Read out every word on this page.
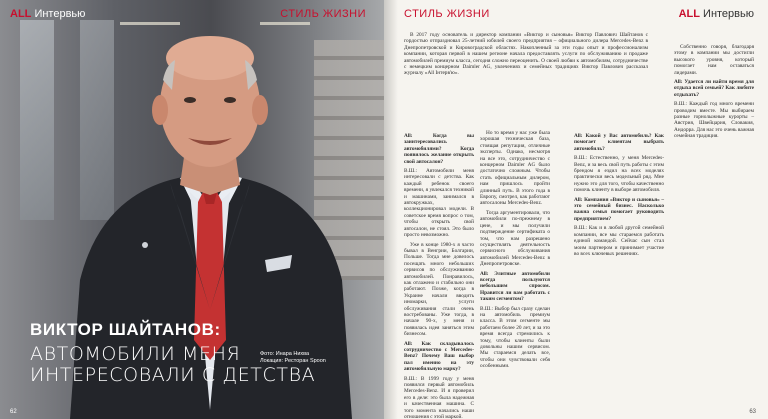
ALL Интервью	СТИЛЬ ЖИЗНИ
Фото: Инара Нихва
Локация: Ресторан Spoon
ВИКТОР ШАЙТАНОВ:
АВТОМОБИЛИ МЕНЯ ИНТЕРЕСОВАЛИ С ДЕТСТВА
62
СТИЛЬ ЖИЗНИ	ALL Интервью

В 2017 году основатель и директор компании «Виктор и сыновья» Виктор Павлович Шайтанов с гордостью отпраздновал 25-летний юбилей своего предприятия – официального дилера Mercedes-Benz в Днепропетровской и Кировоградской областях. Накопленный за эти годы опыт и профессионализм компании, которая первой в нашем регионе начала предоставлять услуги по обслуживанию и продаже автомобилей премиум класса, сегодня сложно переоценить. О своей любви к автомобилям, сотрудничестве с немецким концерном Daimler AG, увлечениях и семейных традициях Виктор Павлович рассказал журналу «All Інтерв'ю».

All: Когда вы заинтересовались автомобилями? Когда появилось желание открыть свой автосалон?

В.Ш.: Автомобили меня интересовали с детства. Как каждый ребенок своего времени, я увлекался техникой и машинами, занимался в автокружках, коллекционировал модели. В советское время вопрос о том, чтобы открыть свой автосалон, не стоял. Это было просто невозможно.

Уже в конце 1980-х я часто бывал в Венгрии, Болгарии, Польше. Тогда мне довелось посещать много небольших сервисов по обслуживанию автомобилей. Понравилось, как отлажено и стабильно они работают. Позже, когда в Украине начали вводить иномарки, услуги обслуживания стали очень востребованы. Уже тогда, в начале 90-х, у меня и появилась идея заняться этим бизнесом.

All: Как складывалось сотрудничество с Mercedes-Benz? Почему Ваш выбор пал именно на эту автомобильную марку?

В.Ш.: В 1999 году у меня появился первый автомобиль Mercedes-Benz. И я проверил его в деле: это была надежная и качественная машина. С того момента начались наши отношения с этой маркой.

Но то время у нас уже была хорошая техническая база, стоящая репутация, отличные эксперты. Однако, несмотря на все это, сотрудничество с концерном Daimler AG было достаточно сложным. Чтобы стать официальным дилером, нам пришлось пройти длинный путь. В этого года в Европу, смотрел, как работают автосалоны Mercedes-Benz.

Тогда аргументировали, что автомобили по-прежнему в цене, и мы получили подтверждение сертификата о том, что нам разрешено осуществлять деятельность сервисного обслуживания автомобилей Mercedes-Benz в Днепропетровске.

All: Элитные автомобили всегда пользуются небольшим спросом. Нравится ли вам работать с таким сегментом?

В.Ш.: Выбор был сразу сделан на автомобиль премиум класса. В этом сегменте мы работаем более 20 лет, и за это время всегда стремились к тому, чтобы клиенты были довольны нашим сервисом. Мы стараемся делать все, чтобы они чувствовали себя особенными.

All: Какой у Вас автомобиль? Как помогает клиентам выбрать автомобиль?

В.Ш.: Естественно, у меня Mercedes-Benz, и за весь свой путь работы с этим брендом я ездил на всех моделях практически весь модельный ряд. Мне нужно это для того, чтобы качественно помочь клиенту в выборе автомобиля.

All: Компания «Виктор и сыновья» – это семейный бизнес. Насколько важна семья помогает руководить предприятием?

В.Ш.: Как и в любой другой семейной компании, все мы стараемся работать единой командой. Сейчас сын стал моим партнером и принимает участие во всех ключевых решениях.

Собственно говоря, благодаря этому в компании мы достигли высокого уровня, который помогает нам оставаться лидерами.

All: Удается ли найти время для отдыха всей семьей? Как любите отдыхать?

В.Ш.: Каждый год много времени проводим вместе. Мы выбираем разные горнолыжные курорты – Австрия, Швейцария, Словакия, Андорра. Для нас это очень важная семейная традиция.

63
